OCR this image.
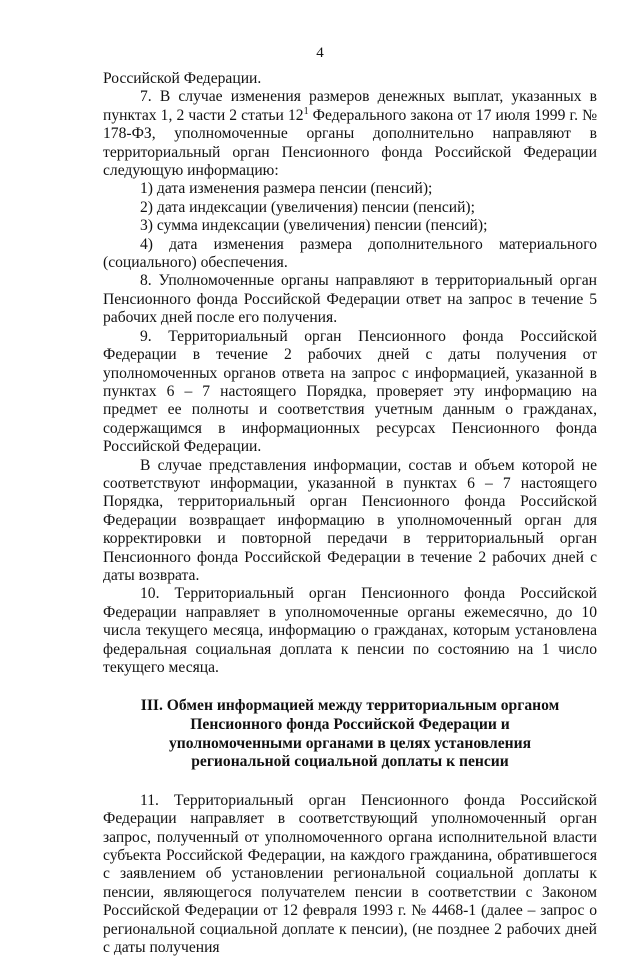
4

Российской Федерации.

7. В случае изменения размеров денежных выплат, указанных в пунктах 1, 2 части 2 статьи $12^1$ Федерального закона от 17 июля 1999 г. № 178-ФЗ, уполномоченные органы дополнительно направляют в территориальный орган Пенсионного фонда Российской Федерации следующую информацию:

1) дата изменения размера пенсии (пенсий);

2) дата индексации (увеличения) пенсии (пенсий);

3) сумма индексации (увеличения) пенсии (пенсий);

4) дата изменения размера дополнительного материального (социального) обеспечения.

8. Уполномоченные органы направляют в территориальный орган Пенсионного фонда Российской Федерации ответ на запрос в течение 5 рабочих дней после его получения.

9. Территориальный орган Пенсионного фонда Российской Федерации в течение 2 рабочих дней с даты получения от уполномоченных органов ответа на запрос с информацией, указанной в пунктах 6 – 7 настоящего Порядка, проверяет эту информацию на предмет ее полноты и соответствия учетным данным о гражданах, содержащимся в информационных ресурсах Пенсионного фонда Российской Федерации.

В случае представления информации, состав и объем которой не соответствуют информации, указанной в пунктах 6 – 7 настоящего Порядка, территориальный орган Пенсионного фонда Российской Федерации возвращает информацию в уполномоченный орган для корректировки и повторной передачи в территориальный орган Пенсионного фонда Российской Федерации в течение 2 рабочих дней с даты возврата.

10. Территориальный орган Пенсионного фонда Российской Федерации направляет в уполномоченные органы ежемесячно, до 10 числа текущего месяца, информацию о гражданах, которым установлена федеральная социальная доплата к пенсии по состоянию на 1 число текущего месяца.

III. Обмен информацией между территориальным органом Пенсионного фонда Российской Федерации и уполномоченными органами в целях установления региональной социальной доплаты к пенсии

11. Территориальный орган Пенсионного фонда Российской Федерации направляет в соответствующий уполномоченный орган запрос, полученный от уполномоченного органа исполнительной власти субъекта Российской Федерации, на каждого гражданина, обратившегося с заявлением об установлении региональной социальной доплаты к пенсии, являющегося получателем пенсии в соответствии с Законом Российской Федерации от 12 февраля 1993 г. № 4468-1 (далее – запрос о региональной социальной доплате к пенсии), (не позднее 2 рабочих дней с даты получения
